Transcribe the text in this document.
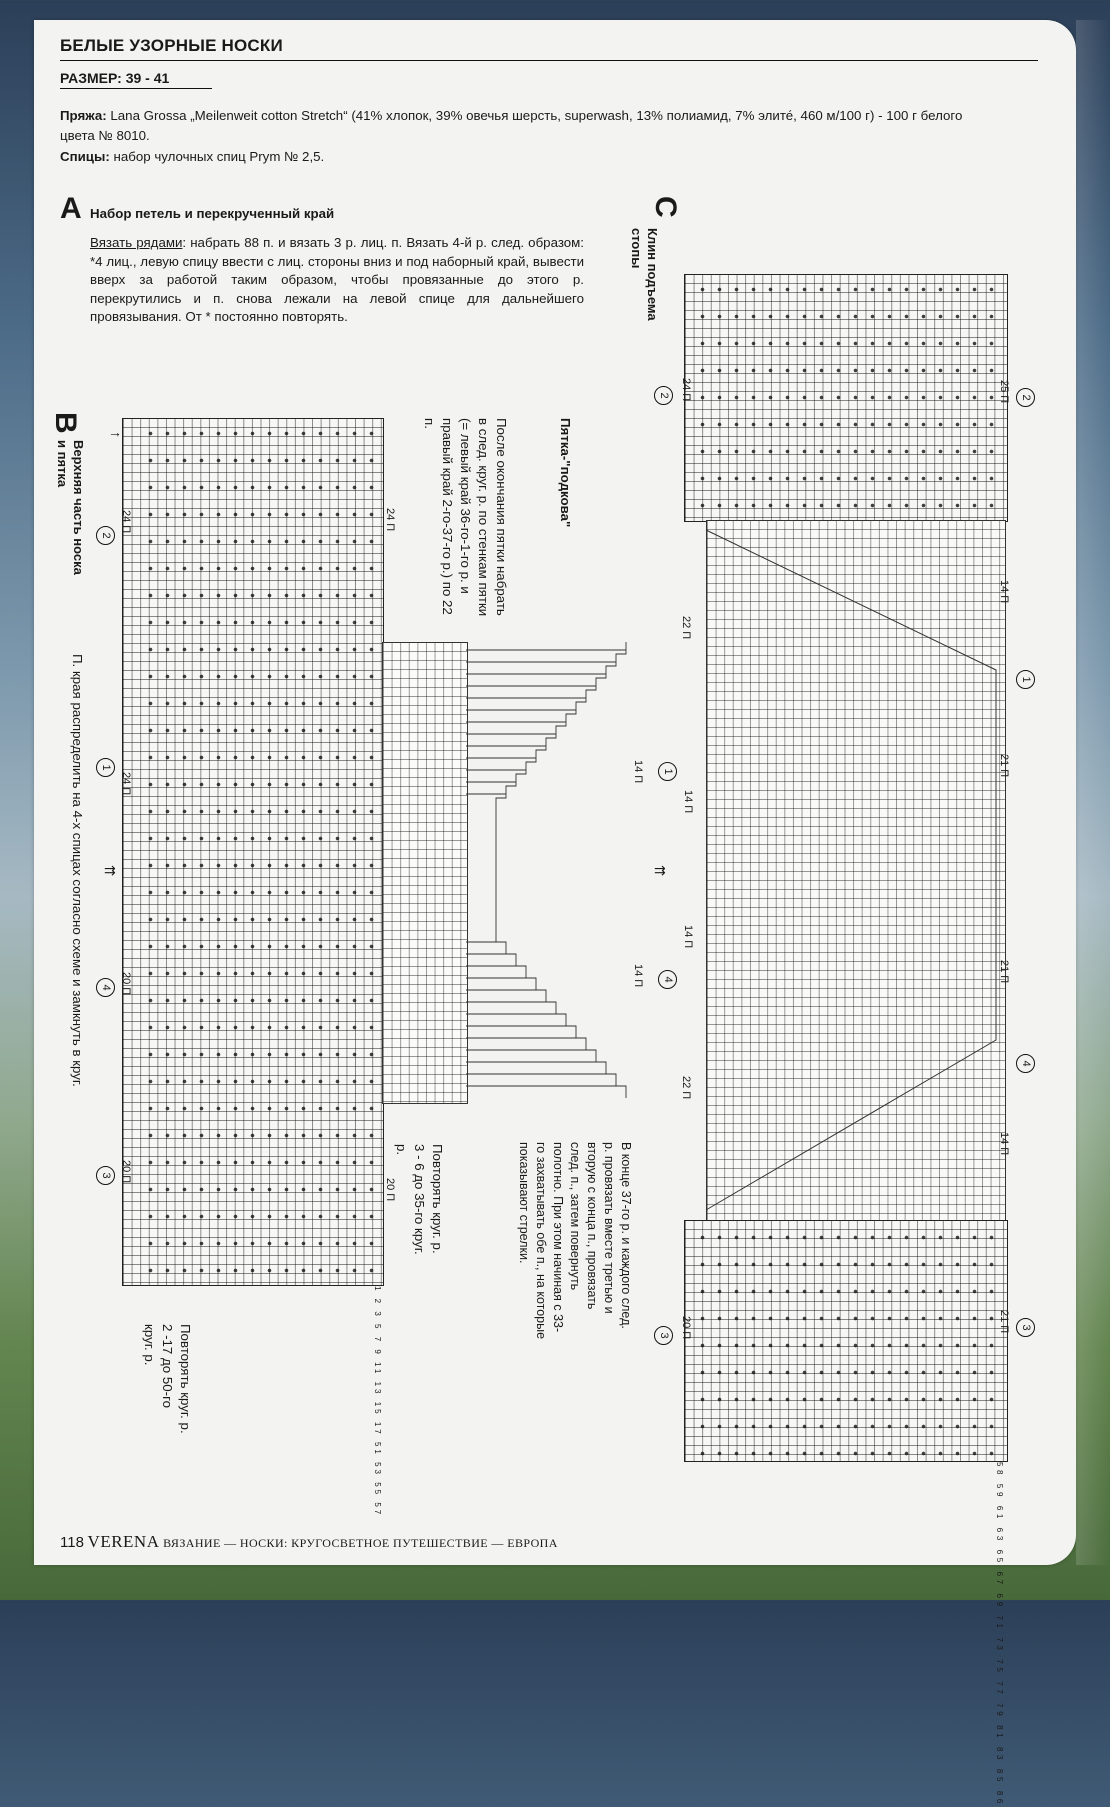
БЕЛЫЕ УЗОРНЫЕ НОСКИ
РАЗМЕР: 39 - 41
Пряжа: Lana Grossa „Meilenweit cotton Stretch“ (41% хлопок, 39% овечья шерсть, superwash, 13% полиамид, 7% элите́, 460 м/100 г) - 100 г белого цвета № 8010.
Спицы: набор чулочных спиц Prym № 2,5.
A Набор петель и перекрученный край
Вязать рядами: набрать 88 п. и вязать 3 р. лиц. п. Вязать 4-й р. след. образом: *4 лиц., левую спицу ввести с лиц. стороны вниз и под наборный край, вывести вверх за работой таким образом, чтобы провязанные до этого р. перекрутились и п. снова лежали на левой спице для дальнейшего провязывания. От * постоянно повторять.
B
Верхняя часть носка и пятка
24 П
24 П
20 П
20 П
24 П
20 П
2
1
4
3
→
⇉
П. края распределить на 4-х спицах согласно схеме и замкнуть в круг.
Повторять круг. р. 2 -17 до 50-го круг. р.
Пятка-"подкова"
После окончания пятки набрать в след. круг. р. по стенкам пятки (= левый край 36-го-1-го р. и правый край 2-го-37-го р.) по 22 п.
Повторять круг. р. 3 - 6 до 35-го круг. р.	В конце 37-го р. и каждого след. р. провязать вместе третью и вторую с конца п., провязать след. п., затем повернуть полотно. При этом начиная с 33-го захватывать обе п., на которые показывают стрелки.
14 П
14 П
14 П
14 П
1
4
⇉
C
Клин подъема стопы
25 П
14 П
21 П
21 П
14 П
21 П
2
1
4
3
24 П
22 П
22 П
20 П
2
3
58 59 61 63 65 67 69 71 73 75 77 79 81 83 85 86
1 2 3 5 7 9 11 13 15 17 51 53 55 57
118 VERENA ВЯЗАНИЕ — НОСКИ: КРУГОСВЕТНОЕ ПУТЕШЕСТВИЕ — ЕВРОПА
